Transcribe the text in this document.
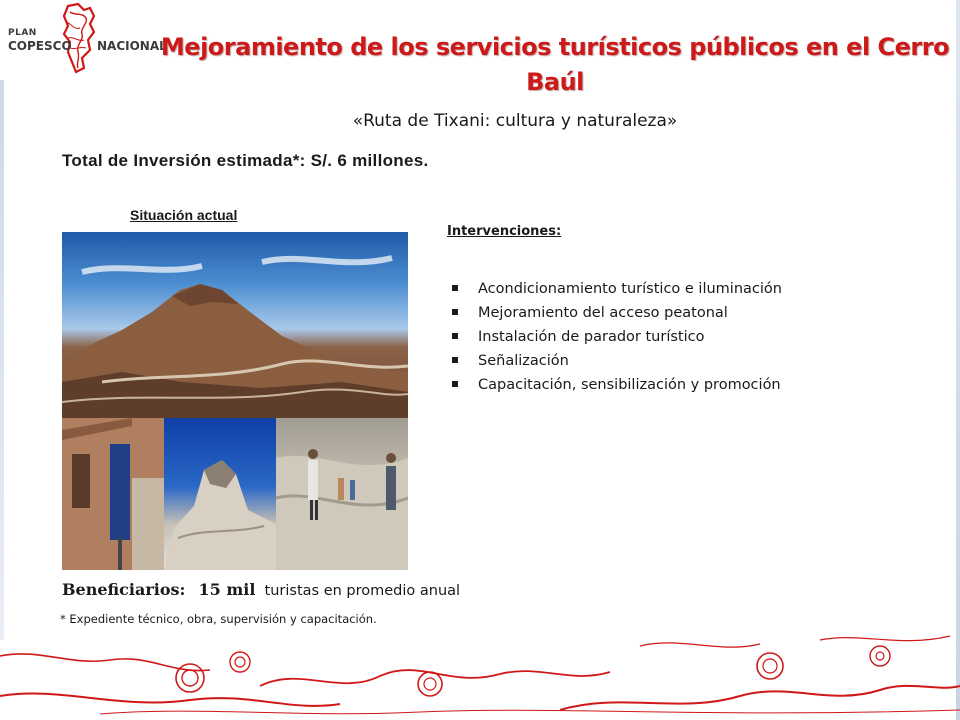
PLAN
COPESCO NACIONAL
Mejoramiento de los servicios turísticos públicos en el Cerro Baúl
«Ruta de Tixani: cultura y naturaleza»
Total de Inversión estimada*: S/. 6 millones.
Situación actual
Intervenciones:
Acondicionamiento turístico e iluminación
Mejoramiento del acceso peatonal
Instalación de parador turístico
Señalización
Capacitación, sensibilización y promoción
Beneficiarios: 15 mil turistas en promedio anual
* Expediente técnico, obra, supervisión y capacitación.
